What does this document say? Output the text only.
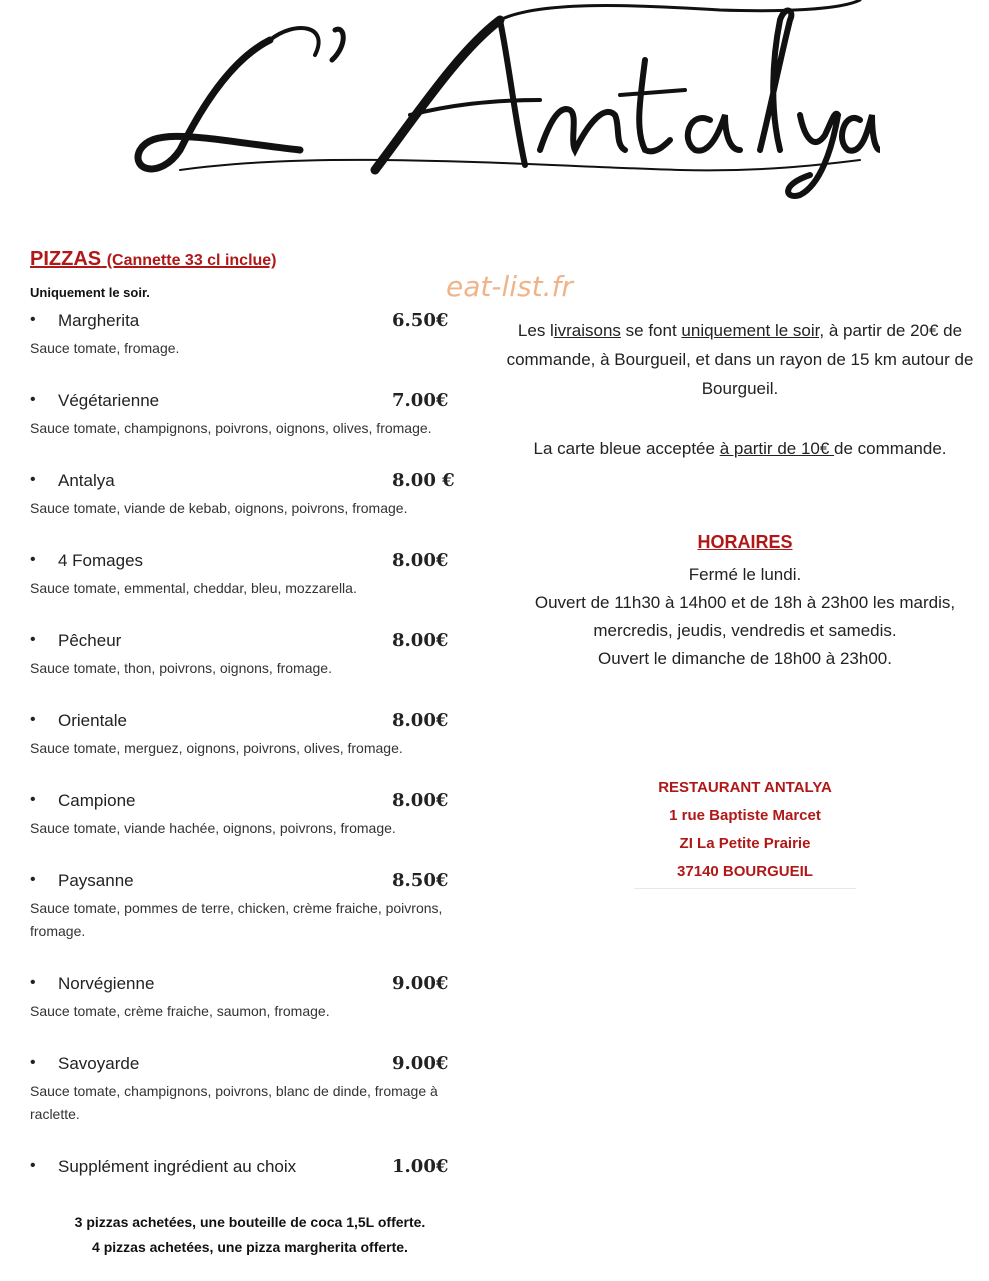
PIZZAS (Cannette 33 cl inclue)
Uniquement le soir.	eat-list.fr
• Margherita	6.50€
Sauce tomate, fromage.
• Végétarienne	7.00€
Sauce tomate, champignons, poivrons, oignons, olives, fromage.
• Antalya	8.00 €
Sauce tomate, viande de kebab, oignons, poivrons, fromage.
• 4 Fomages	8.00€
Sauce tomate, emmental, cheddar, bleu, mozzarella.
• Pêcheur	8.00€
Sauce tomate, thon, poivrons, oignons, fromage.
• Orientale	8.00€
Sauce tomate, merguez, oignons, poivrons, olives, fromage.
• Campione	8.00€
Sauce tomate, viande hachée, oignons, poivrons, fromage.
• Paysanne	8.50€
Sauce tomate, pommes de terre, chicken, crème fraiche, poivrons, fromage.
• Norvégienne	9.00€
Sauce tomate, crème fraiche, saumon, fromage.
• Savoyarde	9.00€
Sauce tomate, champignons, poivrons, blanc de dinde, fromage à raclette.
• Supplément ingrédient au choix	1.00€
3 pizzas achetées, une bouteille de coca 1,5L offerte.
4 pizzas achetées, une pizza margherita offerte.
Les livraisons se font uniquement le soir, à partir de 20€ de commande, à Bourgueil, et dans un rayon de 15 km autour de Bourgueil.
La carte bleue acceptée à partir de 10€ de commande.
HORAIRES
Fermé le lundi.
Ouvert de 11h30 à 14h00 et de 18h à 23h00 les mardis,
mercredis, jeudis, vendredis et samedis.
Ouvert le dimanche de 18h00 à 23h00.
RESTAURANT ANTALYA
1 rue Baptiste Marcet
ZI La Petite Prairie
37140 BOURGUEIL
